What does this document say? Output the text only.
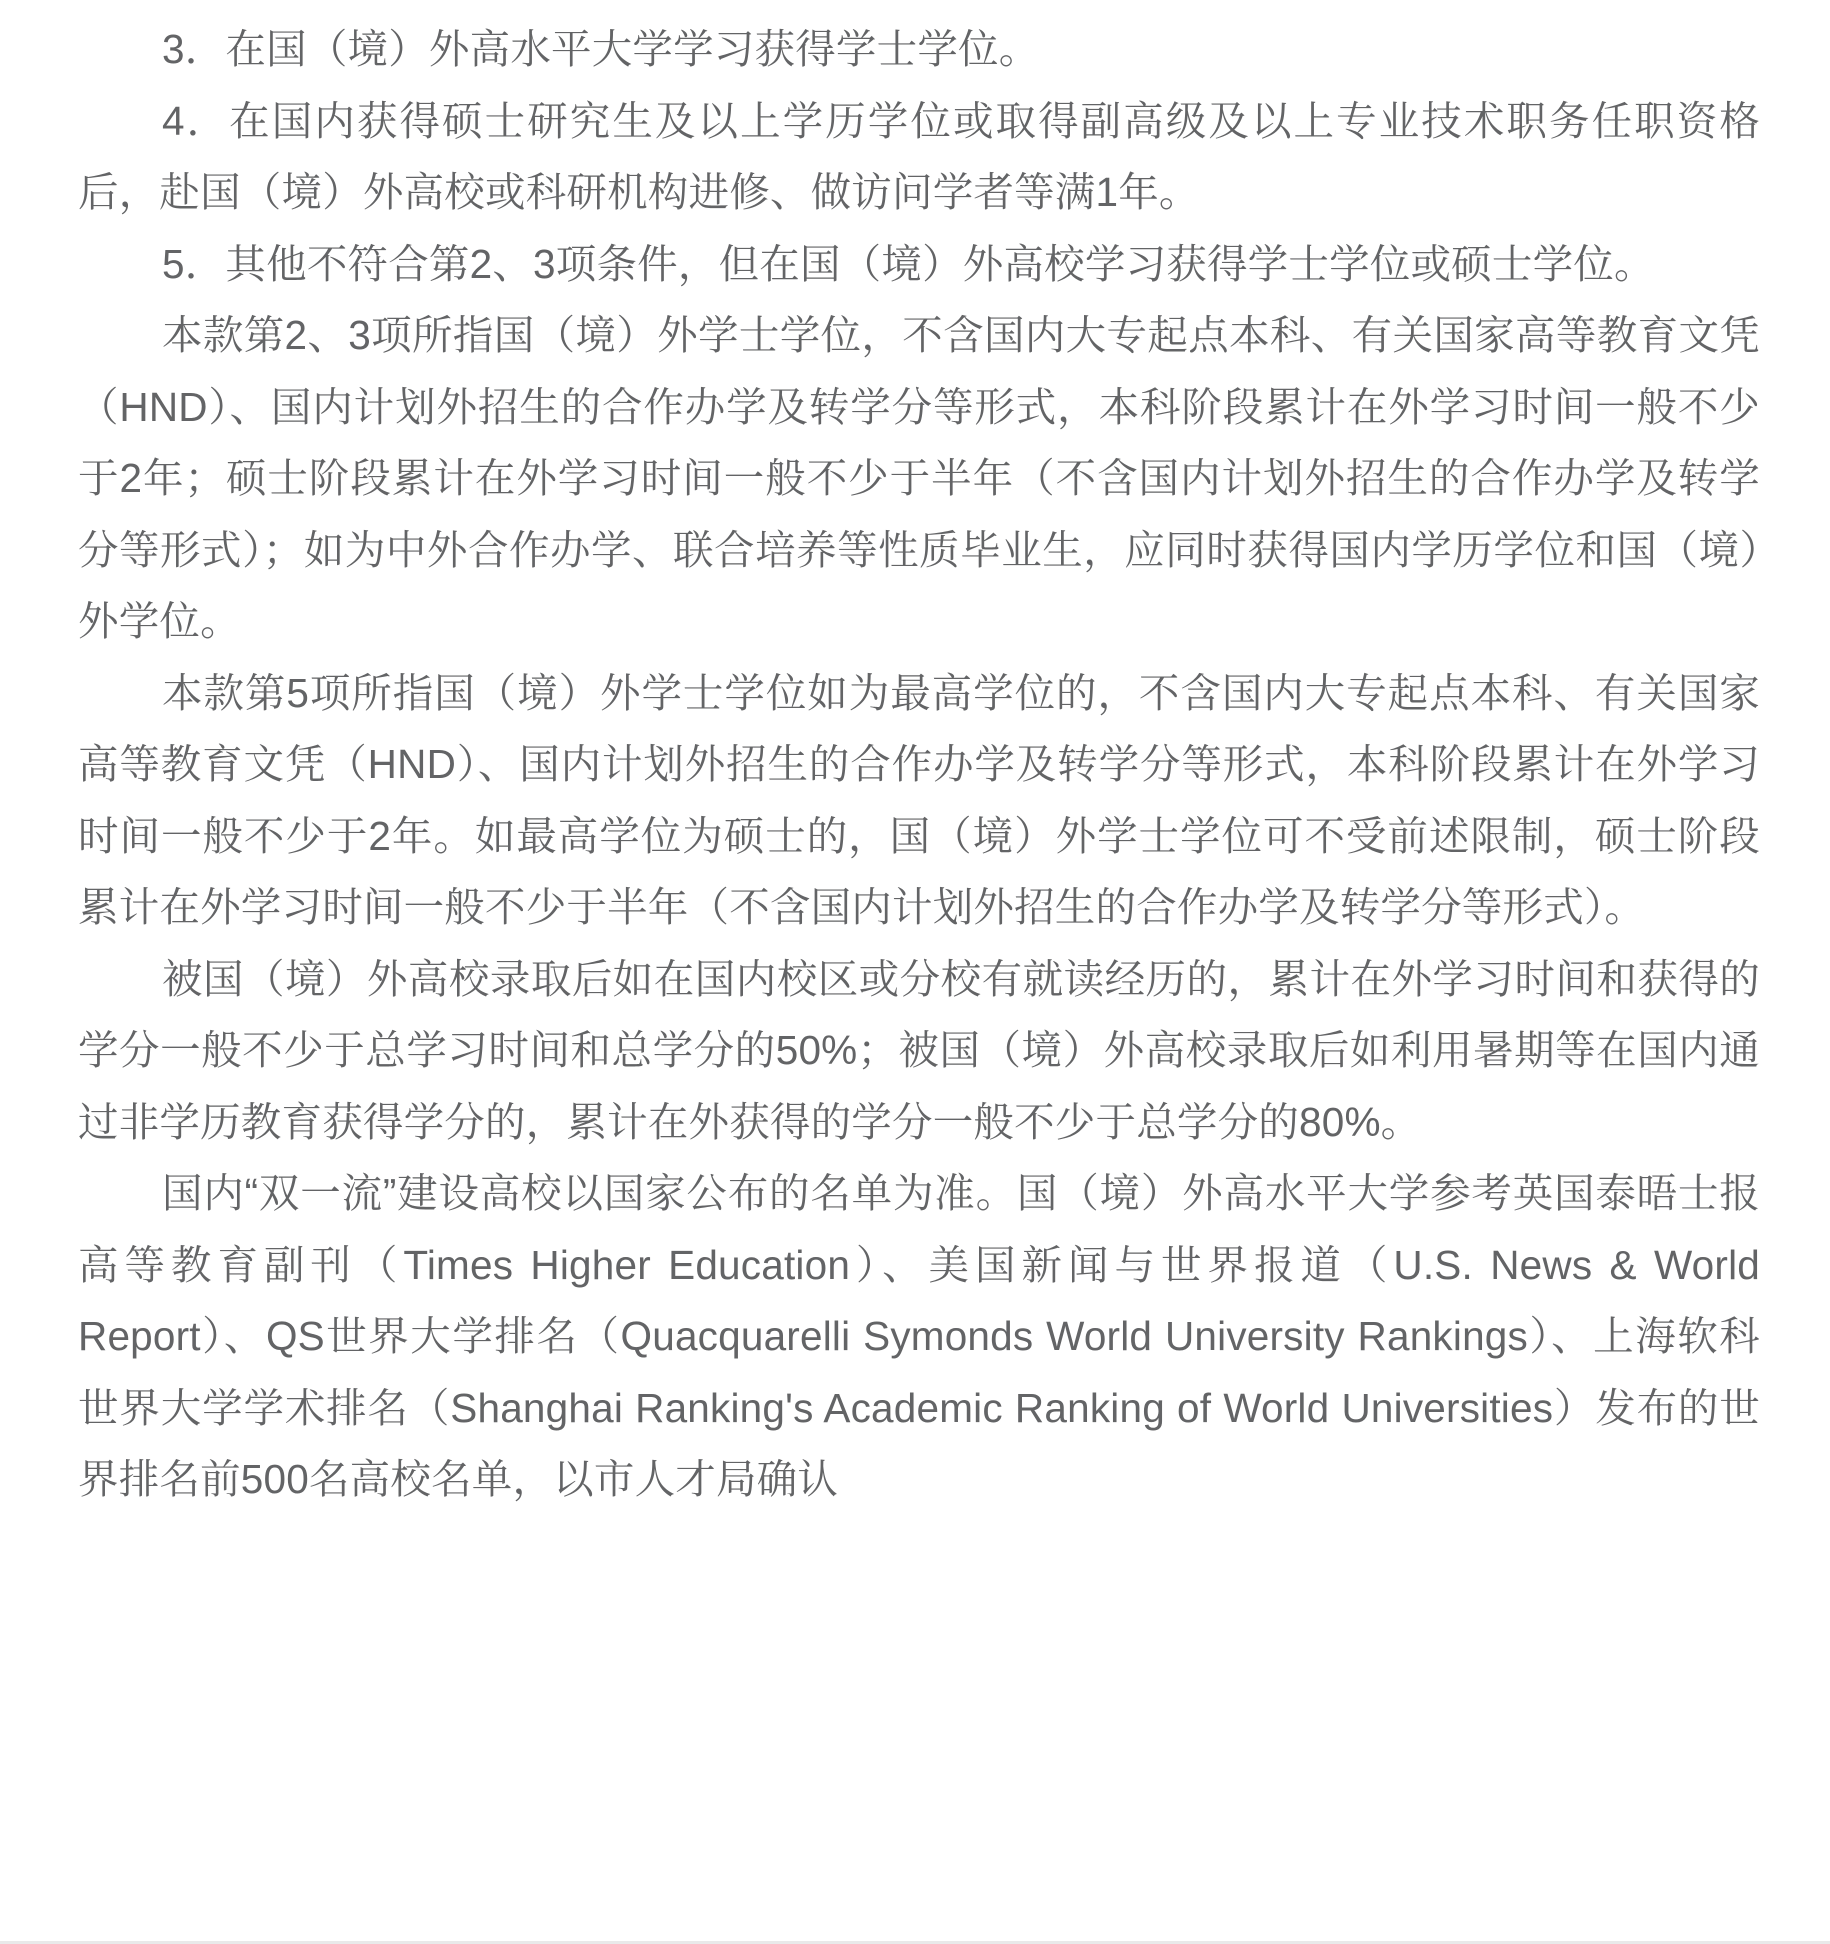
3．在国（境）外高水平大学学习获得学士学位。

4．在国内获得硕士研究生及以上学历学位或取得副高级及以上专业技术职务任职资格后，赴国（境）外高校或科研机构进修、做访问学者等满1年。

5．其他不符合第2、3项条件，但在国（境）外高校学习获得学士学位或硕士学位。

本款第2、3项所指国（境）外学士学位，不含国内大专起点本科、有关国家高等教育文凭（HND）、国内计划外招生的合作办学及转学分等形式，本科阶段累计在外学习时间一般不少于2年；硕士阶段累计在外学习时间一般不少于半年（不含国内计划外招生的合作办学及转学分等形式）；如为中外合作办学、联合培养等性质毕业生，应同时获得国内学历学位和国（境）外学位。

本款第5项所指国（境）外学士学位如为最高学位的，不含国内大专起点本科、有关国家高等教育文凭（HND）、国内计划外招生的合作办学及转学分等形式，本科阶段累计在外学习时间一般不少于2年。如最高学位为硕士的，国（境）外学士学位可不受前述限制，硕士阶段累计在外学习时间一般不少于半年（不含国内计划外招生的合作办学及转学分等形式）。

被国（境）外高校录取后如在国内校区或分校有就读经历的，累计在外学习时间和获得的学分一般不少于总学习时间和总学分的50%；被国（境）外高校录取后如利用暑期等在国内通过非学历教育获得学分的，累计在外获得的学分一般不少于总学分的80%。

国内“双一流”建设高校以国家公布的名单为准。国（境）外高水平大学参考英国泰晤士报高等教育副刊（Times Higher Education）、美国新闻与世界报道（U.S. News & World Report）、QS世界大学排名（Quacquarelli Symonds World University Rankings）、上海软科世界大学学术排名（Shanghai Ranking's Academic Ranking of World Universities）发布的世界排名前500名高校名单，以市人才局确认
